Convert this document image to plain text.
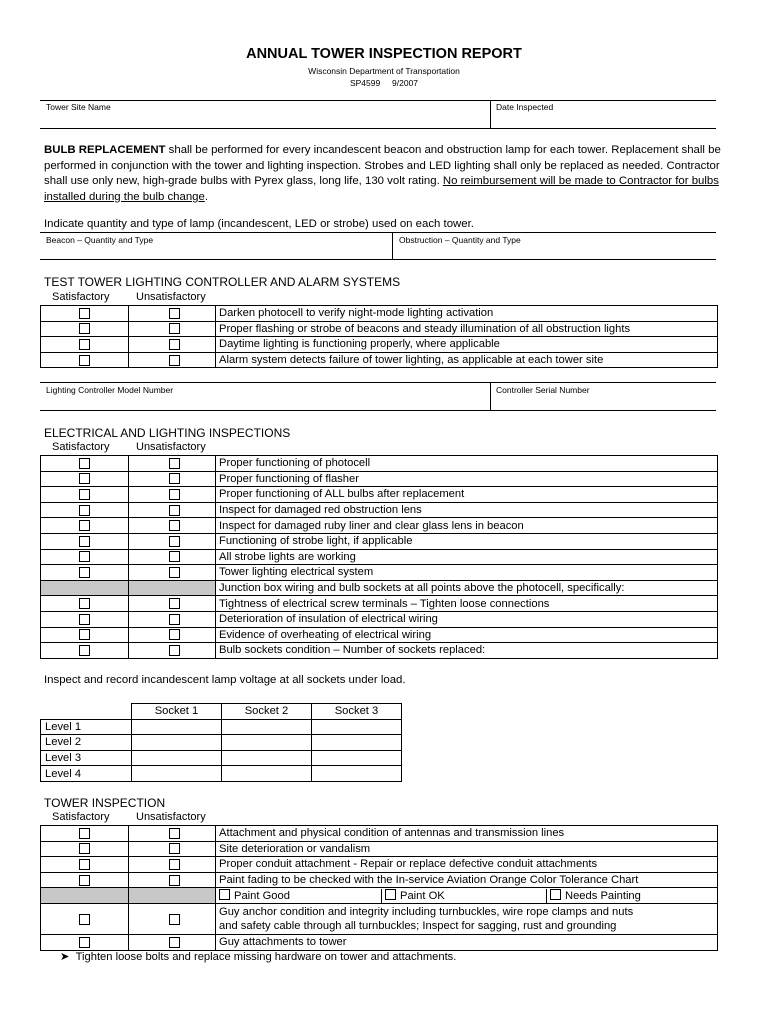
ANNUAL TOWER INSPECTION REPORT
Wisconsin Department of Transportation
SP4599 9/2007
Tower Site Name	Date Inspected
BULB REPLACEMENT shall be performed for every incandescent beacon and obstruction lamp for each tower. Replacement shall be performed in conjunction with the tower and lighting inspection. Strobes and LED lighting shall only be replaced as needed. Contractor shall use only new, high-grade bulbs with Pyrex glass, long life, 130 volt rating. No reimbursement will be made to Contractor for bulbs installed during the bulb change.
Indicate quantity and type of lamp (incandescent, LED or strobe) used on each tower.
Beacon – Quantity and Type	Obstruction – Quantity and Type
TEST TOWER LIGHTING CONTROLLER AND ALARM SYSTEMS
Satisfactory Unsatisfactory
		Darken photocell to verify night-mode lighting activation
		Proper flashing or strobe of beacons and steady illumination of all obstruction lights
		Daytime lighting is functioning properly, where applicable
		Alarm system detects failure of tower lighting, as applicable at each tower site
Lighting Controller Model Number	Controller Serial Number
ELECTRICAL AND LIGHTING INSPECTIONS
Satisfactory Unsatisfactory
		Proper functioning of photocell
		Proper functioning of flasher
		Proper functioning of ALL bulbs after replacement
		Inspect for damaged red obstruction lens
		Inspect for damaged ruby liner and clear glass lens in beacon
		Functioning of strobe light, if applicable
		All strobe lights are working
		Tower lighting electrical system
		Junction box wiring and bulb sockets at all points above the photocell, specifically:
		Tightness of electrical screw terminals – Tighten loose connections
		Deterioration of insulation of electrical wiring
		Evidence of overheating of electrical wiring
		Bulb sockets condition – Number of sockets replaced:
Inspect and record incandescent lamp voltage at all sockets under load.
	Socket 1	Socket 2	Socket 3
Level 1			
Level 2			
Level 3			
Level 4			
TOWER INSPECTION
Satisfactory Unsatisfactory
		Attachment and physical condition of antennas and transmission lines
		Site deterioration or vandalism
		Proper conduit attachment - Repair or replace defective conduit attachments
		Paint fading to be checked with the In-service Aviation Orange Color Tolerance Chart
		Paint Good Paint OK Needs Painting

		Guy anchor condition and integrity including turnbuckles, wire rope clamps and nuts
and safety cable through all turnbuckles; Inspect for sagging, rust and grounding

		Guy attachments to tower
➤ Tighten loose bolts and replace missing hardware on tower and attachments.
